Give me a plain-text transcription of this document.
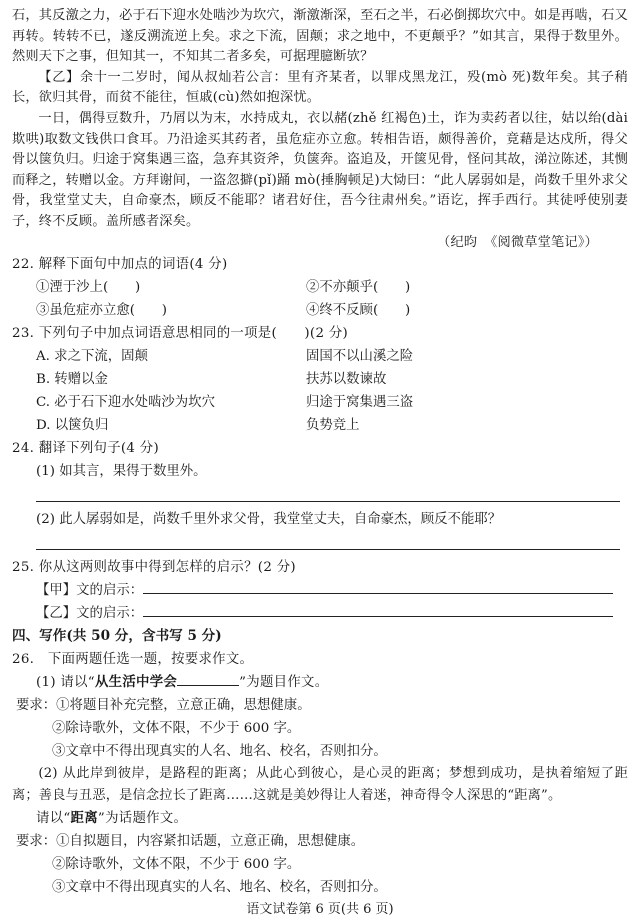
石，其反激之力，必于石下迎水处啮沙为坎穴，渐激渐深，至石之半，石必倒掷坎穴中。如是再啮，石又再转。转转不已，遂反溯流逆上矣。求之下流，固颠；求之地中，不更颠乎？”如其言，果得于数里外。然则天下之事，但知其一，不知其二者多矣，可据理臆断欤？

【乙】余十一二岁时，闻从叔灿若公言：里有齐某者，以罪戍黑龙江，殁(mò 死)数年矣。其子稍长，欲归其骨，而贫不能往，恒戚(cù)然如抱深忧。

一日，偶得豆数升，乃屑以为末，水持成丸，衣以赭(zhě 红褐色)土，诈为卖药者以往，姑以绐(dài 欺哄)取数文钱供口食耳。乃沿途买其药者，虽危症亦立愈。转相告语，颇得善价，竟藉是达戍所，得父骨以箧负归。归途于窝集遇三盗，急弃其资斧，负箧奔。盗追及，开箧见骨，怪问其故，涕泣陈述，其恻而释之，转赠以金。方拜谢间，一盗忽擗(pǐ)踊 mò(捶胸顿足)大恸曰：“此人孱弱如是，尚数千里外求父骨，我堂堂丈夫，自命豪杰，顾反不能耶？诸君好住，吾今往肃州矣。”语讫，挥手西行。其徒呼使别妻子，终不反顾。盖所感者深矣。

（纪昀　《阅微草堂笔记》）

22. 解释下面句中加点的词语(4 分)

①湮于沙上(　　)	②不亦颠乎(　　)
③虽危症亦立愈(　　)	④终不反顾(　　)

23. 下列句子中加点词语意思相同的一项是(　　)(2 分)

A. 求之下流，固颠	固国不以山溪之险
B. 转赠以金	扶苏以数谏故
C. 必于石下迎水处啮沙为坎穴	归途于窝集遇三盗
D. 以箧负归	负势竞上

24. 翻译下列句子(4 分)

(1) 如其言，果得于数里外。

(2) 此人孱弱如是，尚数千里外求父骨，我堂堂丈夫，自命豪杰，顾反不能耶？

25. 你从这两则故事中得到怎样的启示？(2 分)

【甲】文的启示：

【乙】文的启示：

四、写作(共 50 分，含书写 5 分)

26.　下面两题任选一题，按要求作文。

(1) 请以“从生活中学会	”为题目作文。

要求：①将题目补充完整，立意正确，思想健康。

②除诗歌外，文体不限，不少于 600 字。

③文章中不得出现真实的人名、地名、校名，否则扣分。

(2) 从此岸到彼岸，是路程的距离；从此心到彼心，是心灵的距离；梦想到成功，是执着缩短了距离；善良与丑恶，是信念拉长了距离……这就是美妙得让人着迷，神奇得令人深思的“距离”。

请以“距离”为话题作文。

要求：①自拟题目，内容紧扣话题，立意正确，思想健康。

②除诗歌外，文体不限，不少于 600 字。

③文章中不得出现真实的人名、地名、校名，否则扣分。

语文试卷第 6 页(共 6 页)
